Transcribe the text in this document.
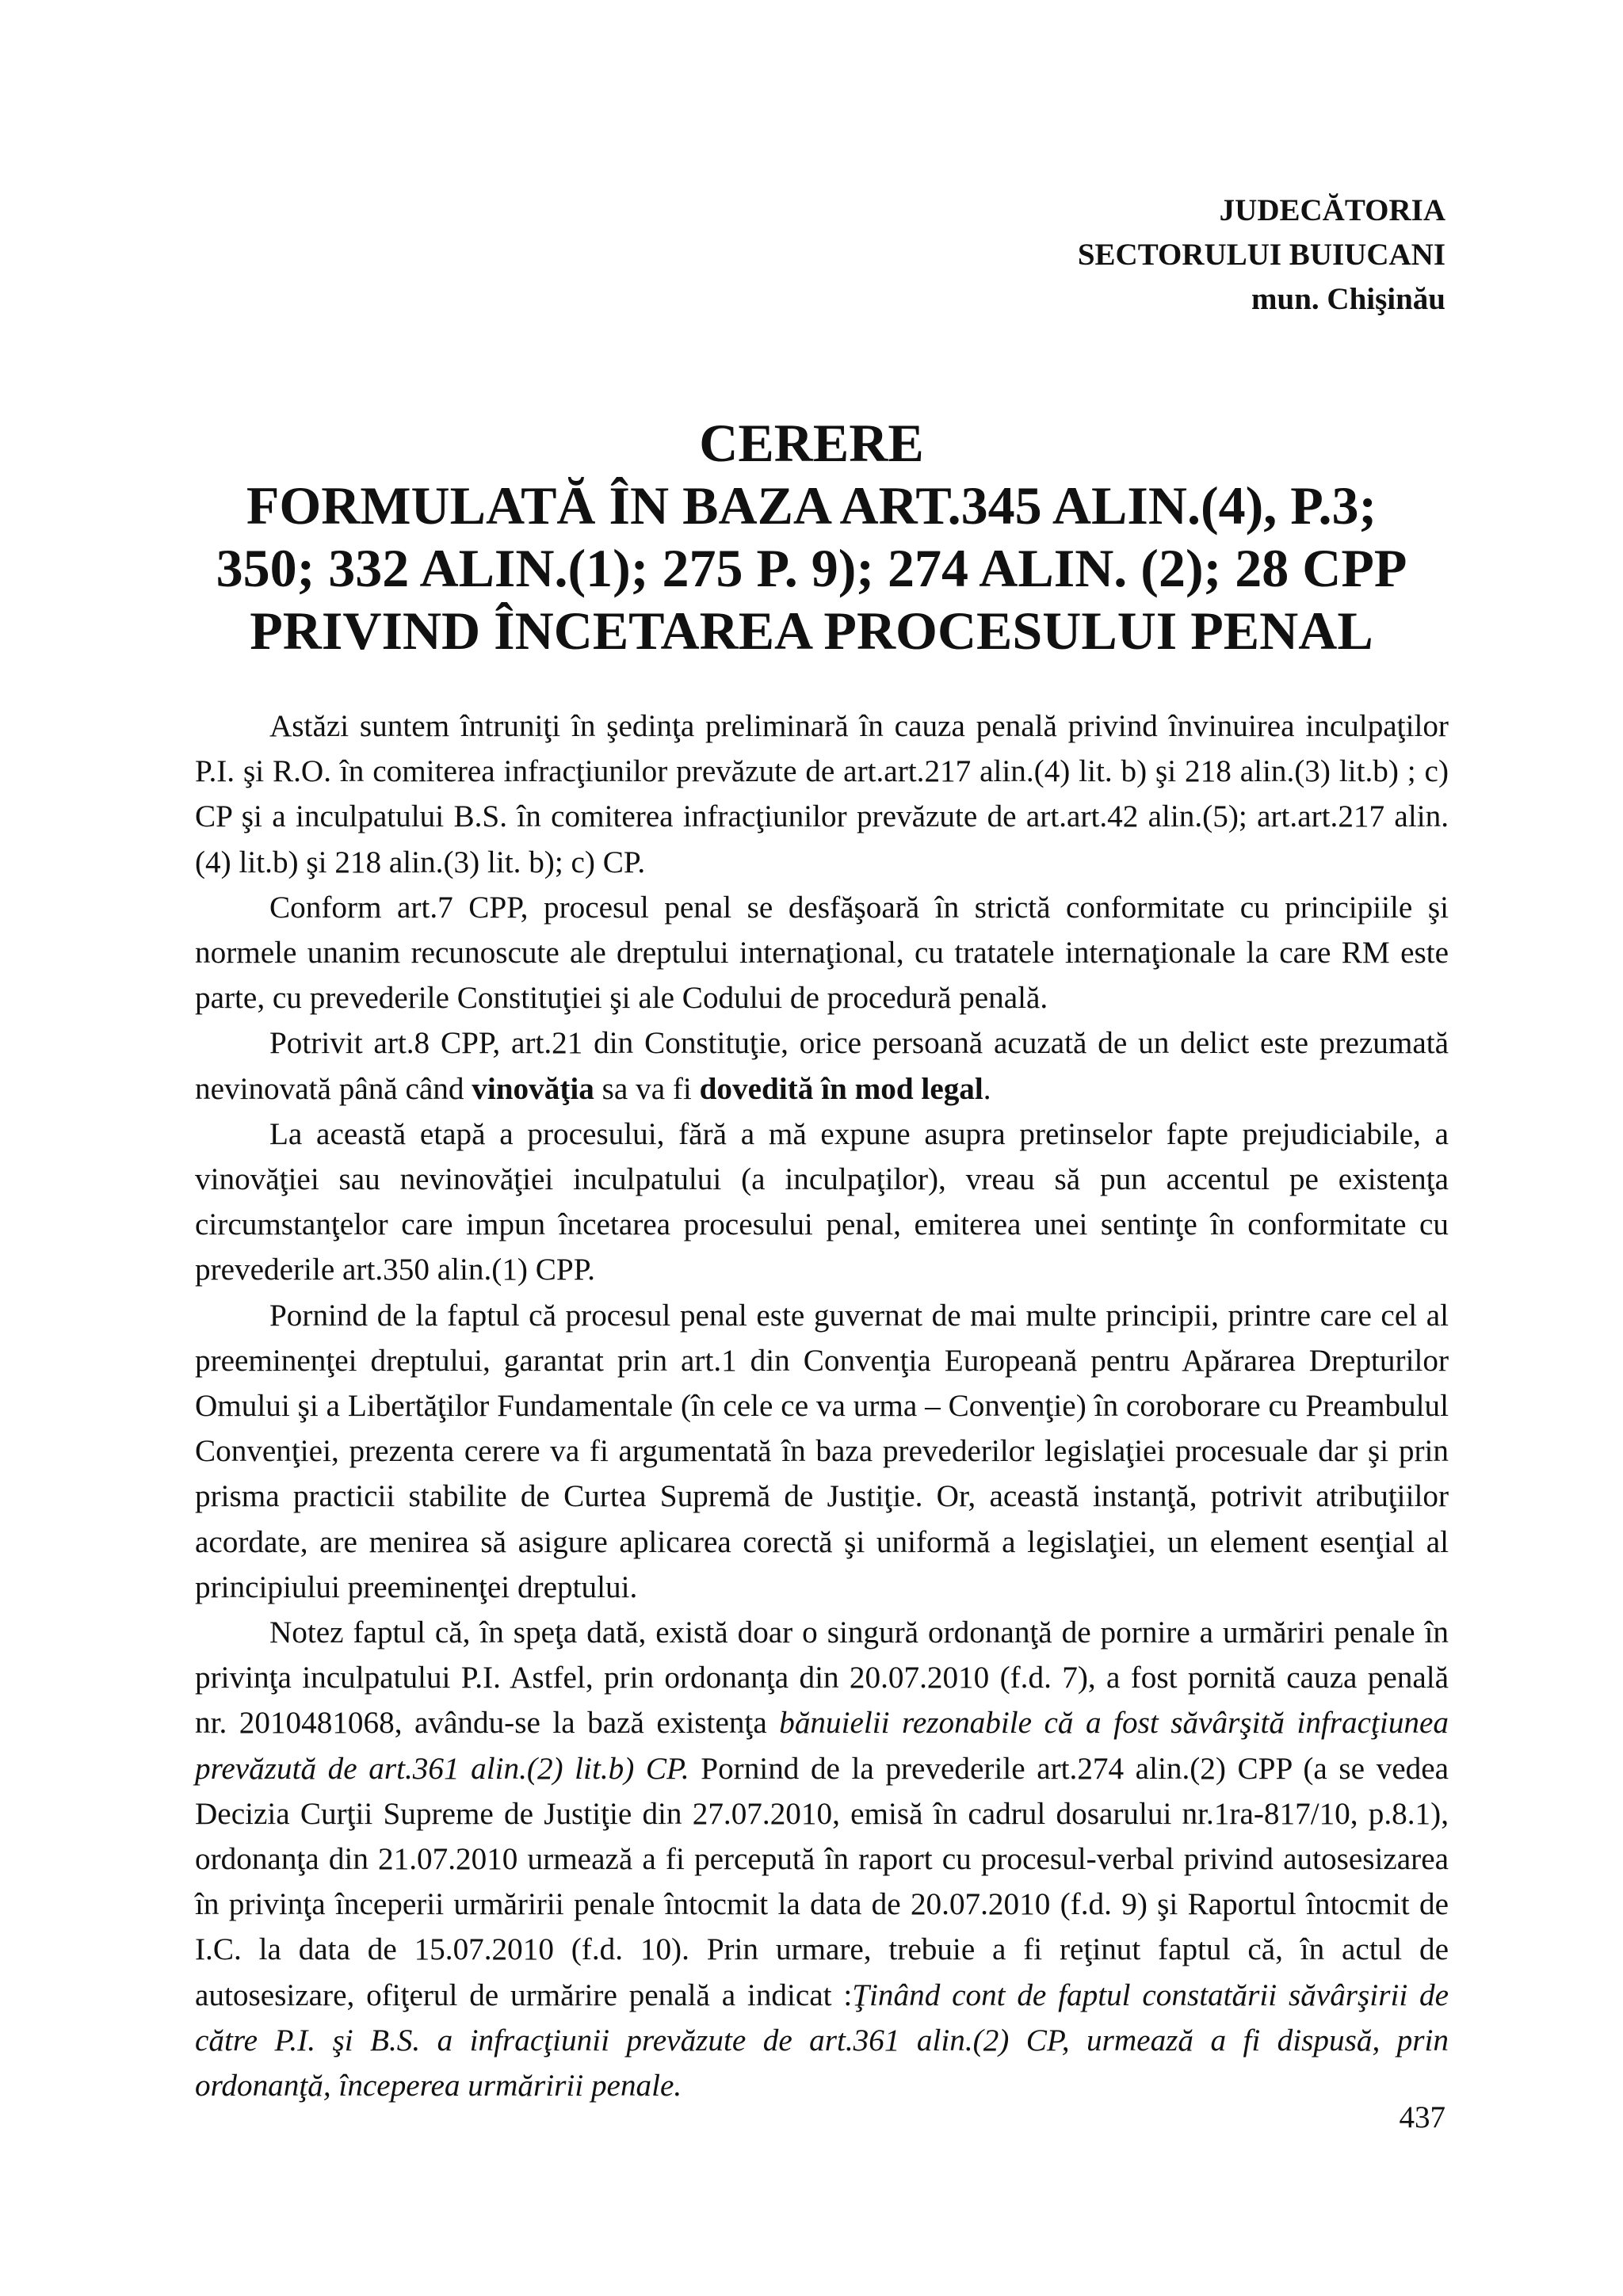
JUDECĂTORIA
SECTORULUI BUIUCANI
mun. Chişinău
CERERE
FORMULATĂ ÎN BAZA ART.345 ALIN.(4), P.3;
350; 332 ALIN.(1); 275 P. 9); 274 ALIN. (2); 28 CPP
PRIVIND ÎNCETAREA PROCESULUI PENAL

Astăzi suntem întruniţi în şedinţa preliminară în cauza penală privind învinuirea inculpaţilor P.I. şi R.O. în comiterea infracţiunilor prevăzute de art.art.217 alin.(4) lit. b) şi 218 alin.(3) lit.b) ; c) CP şi a inculpatului B.S. în comiterea infracţiunilor prevăzute de art.art.42 alin.(5); art.art.217 alin.(4) lit.b) şi 218 alin.(3) lit. b); c) CP.

Conform art.7 CPP, procesul penal se desfăşoară în strictă conformitate cu principiile şi normele unanim recunoscute ale dreptului internaţional, cu tratatele internaţionale la care RM este parte, cu prevederile Constituţiei şi ale Codului de procedură penală.

Potrivit art.8 CPP, art.21 din Constituţie, orice persoană acuzată de un delict este prezumată nevinovată până când vinovăţia sa va fi dovedită în mod legal.

La această etapă a procesului, fără a mă expune asupra pretinselor fapte prejudiciabile, a vinovăţiei sau nevinovăţiei inculpatului (a inculpaţilor), vreau să pun accentul pe existenţa circumstanţelor care impun încetarea procesului penal, emiterea unei sentinţe în conformitate cu prevederile art.350 alin.(1) CPP.

Pornind de la faptul că procesul penal este guvernat de mai multe principii, printre care cel al preeminenţei dreptului, garantat prin art.1 din Convenţia Europeană pentru Apărarea Drepturilor Omului şi a Libertăţilor Fundamentale (în cele ce va urma – Convenţie) în coroborare cu Preambulul Convenţiei, prezenta cerere va fi argumentată în baza prevederilor legislaţiei procesuale dar şi prin prisma practicii stabilite de Curtea Supremă de Justiţie. Or, această instanţă, potrivit atribuţiilor acordate, are menirea să asigure aplicarea corectă şi uniformă a legislaţiei, un element esenţial al principiului preeminenţei dreptului.

Notez faptul că, în speţa dată, există doar o singură ordonanţă de pornire a urmăriri penale în privinţa inculpatului P.I. Astfel, prin ordonanţa din 20.07.2010 (f.d. 7), a fost pornită cauza penală nr. 2010481068, avându-se la bază existenţa bănuielii rezonabile că a fost săvârşită infracţiunea prevăzută de art.361 alin.(2) lit.b) CP. Pornind de la prevederile art.274 alin.(2) CPP (a se vedea Decizia Curţii Supreme de Justiţie din 27.07.2010, emisă în cadrul dosarului nr.1ra-817/10, p.8.1), ordonanţa din 21.07.2010 urmează a fi percepută în raport cu procesul-verbal privind autosesizarea în privinţa începerii urmăririi penale întocmit la data de 20.07.2010 (f.d. 9) şi Raportul întocmit de I.C. la data de 15.07.2010 (f.d. 10). Prin urmare, trebuie a fi reţinut faptul că, în actul de autosesizare, ofiţerul de urmărire penală a indicat :Ţinând cont de faptul constatării săvârşirii de către P.I. şi B.S. a infracţiunii prevăzute de art.361 alin.(2) CP, urmează a fi dispusă, prin ordonanţă, începerea urmăririi penale.

437
